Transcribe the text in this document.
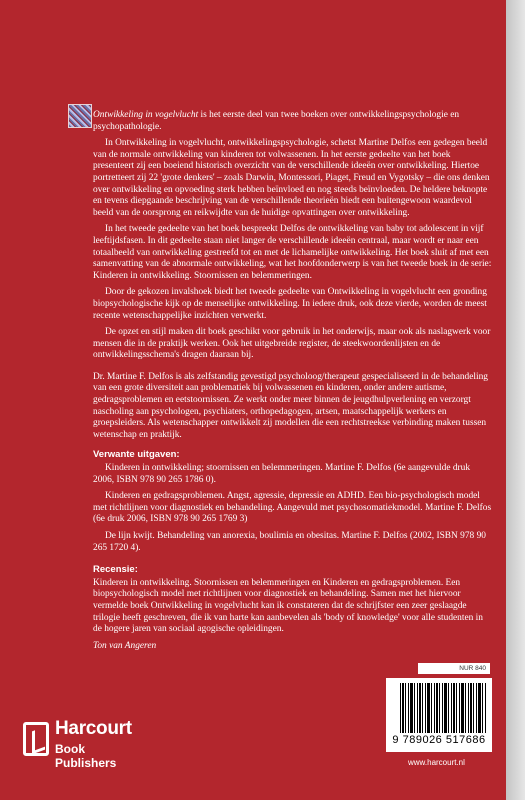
Ontwikkeling in vogelvlucht is het eerste deel van twee boeken over ontwikkelingspsychologie en psychopathologie.

In Ontwikkeling in vogelvlucht, ontwikkelingspsychologie, schetst Martine Delfos een gedegen beeld van de normale ontwikkeling van kinderen tot volwassenen. In het eerste gedeelte van het boek presenteert zij een boeiend historisch overzicht van de verschillende ideeën over ontwikkeling. Hiertoe portretteert zij 22 'grote denkers' – zoals Darwin, Montessori, Piaget, Freud en Vygotsky – die ons denken over ontwikkeling en opvoeding sterk hebben beïnvloed en nog steeds beïnvloeden. De heldere beknopte en tevens diepgaande beschrijving van de verschillende theorieën biedt een buitengewoon waardevol beeld van de oorsprong en reikwijdte van de huidige opvattingen over ontwikkeling.

In het tweede gedeelte van het boek bespreekt Delfos de ontwikkeling van baby tot adolescent in vijf leeftijdsfasen. In dit gedeelte staan niet langer de verschillende ideeën centraal, maar wordt er naar een totaalbeeld van ontwikkeling gestreefd tot en met de lichamelijke ontwikkeling. Het boek sluit af met een samenvatting van de abnormale ontwikkeling, wat het hoofdonderwerp is van het tweede boek in de serie: Kinderen in ontwikkeling. Stoornissen en belemmeringen.

Door de gekozen invalshoek biedt het tweede gedeelte van Ontwikkeling in vogelvlucht een gronding biopsychologische kijk op de menselijke ontwikkeling. In iedere druk, ook deze vierde, worden de meest recente wetenschappelijke inzichten verwerkt.

De opzet en stijl maken dit boek geschikt voor gebruik in het onderwijs, maar ook als naslagwerk voor mensen die in de praktijk werken. Ook het uitgebreide register, de steekwoordenlijsten en de ontwikkelingsschema's dragen daaraan bij.

Dr. Martine F. Delfos is als zelfstandig gevestigd psycholoog/therapeut gespecialiseerd in de behandeling van een grote diversiteit aan problematiek bij volwassenen en kinderen, onder andere autisme, gedragsproblemen en eetstoornissen. Ze werkt onder meer binnen de jeugdhulpverlening en verzorgt nascholing aan psychologen, psychiaters, orthopedagogen, artsen, maatschappelijk werkers en groepsleiders. Als wetenschapper ontwikkelt zij modellen die een rechtstreekse verbinding maken tussen wetenschap en praktijk.

Verwante uitgaven:

Kinderen in ontwikkeling; stoornissen en belemmeringen. Martine F. Delfos (6e aangevulde druk 2006, ISBN 978 90 265 1786 0).

Kinderen en gedragsproblemen. Angst, agressie, depressie en ADHD. Een bio-psychologisch model met richtlijnen voor diagnostiek en behandeling. Aangevuld met psychosomatiekmodel. Martine F. Delfos (6e druk 2006, ISBN 978 90 265 1769 3)

De lijn kwijt. Behandeling van anorexia, boulimia en obesitas. Martine F. Delfos (2002, ISBN 978 90 265 1720 4).

Recensie:

Kinderen in ontwikkeling. Stoornissen en belemmeringen en Kinderen en gedragsproblemen. Een biopsychologisch model met richtlijnen voor diagnostiek en behandeling. Samen met het hiervoor vermelde boek Ontwikkeling in vogelvlucht kan ik constateren dat de schrijfster een zeer geslaagde trilogie heeft geschreven, die ik van harte kan aanbevelen als 'body of knowledge' voor alle studenten in de hogere jaren van sociaal agogische opleidingen.

Ton van Angeren

NUR 840
9 789026 517686
Harcourt
Book Publishers	www.harcourt.nl
